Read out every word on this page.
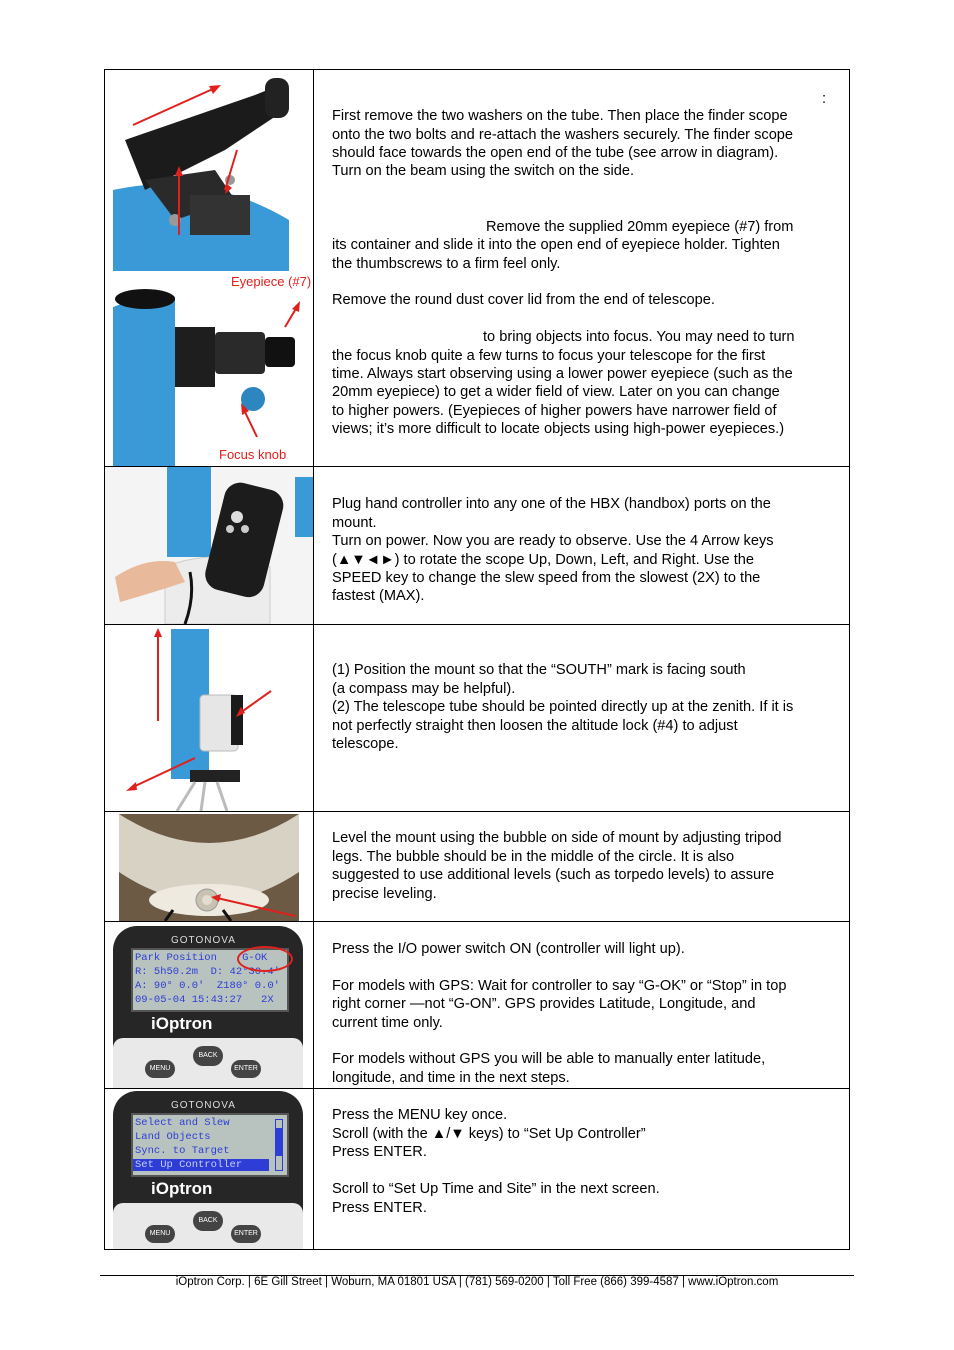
Eyepiece (#7)
Focus knob
:
First remove the two washers on the tube. Then place the finder scope
onto the two bolts and re-attach the washers securely. The finder scope
should face towards the open end of the tube (see arrow in diagram).
Turn on the beam using the switch on the side.
Remove the supplied 20mm eyepiece (#7) from
its container and slide it into the open end of eyepiece holder. Tighten
the thumbscrews to a firm feel only.
Remove the round dust cover lid from the end of telescope.
to bring objects into focus. You may need to turn
the focus knob quite a few turns to focus your telescope for the first
time. Always start observing using a lower power eyepiece (such as the
20mm eyepiece) to get a wider field of view. Later on you can change
to higher powers. (Eyepieces of higher powers have narrower field of
views; it’s more difficult to locate objects using high-power eyepieces.)
Plug hand controller into any one of the HBX (handbox) ports on the
mount.
Turn on power. Now you are ready to observe. Use the 4 Arrow keys
(▲▼◄►) to rotate the scope Up, Down, Left, and Right. Use the
SPEED key to change the slew speed from the slowest (2X) to the
fastest (MAX).
(1) Position the mount so that the “SOUTH” mark is facing south
(a compass may be helpful).
(2) The telescope tube should be pointed directly up at the zenith. If it is
not perfectly straight then loosen the altitude lock (#4) to adjust
telescope.
Level the mount using the bubble on side of mount by adjusting tripod
legs. The bubble should be in the middle of the circle. It is also
suggested to use additional levels (such as torpedo levels) to assure
precise leveling.
GOTONOVA
Park Position    G-OK
R: 5h50.2m  D: 42°30.4'
A: 90° 0.0'  Z180° 0.0'
09-05-04 15:43:27   2X
iOptron
MENU
BACK
ENTER
Press the I/O power switch ON (controller will light up).
For models with GPS: Wait for controller to say “G-OK” or “Stop” in top
right corner —not “G-ON”. GPS provides Latitude, Longitude, and
current time only.
For models without GPS you will be able to manually enter latitude,
longitude, and time in the next steps.
GOTONOVA
Select and Slew
Land Objects
Sync. to Target
Set Up Controller
iOptron
MENU
BACK
ENTER
Press the MENU key once.
Scroll (with the ▲/▼ keys) to “Set Up Controller”
Press ENTER.
Scroll to “Set Up Time and Site” in the next screen.
Press ENTER.
iOptron Corp. | 6E Gill Street | Woburn, MA 01801 USA | (781) 569-0200 | Toll Free (866) 399-4587 | www.iOptron.com
